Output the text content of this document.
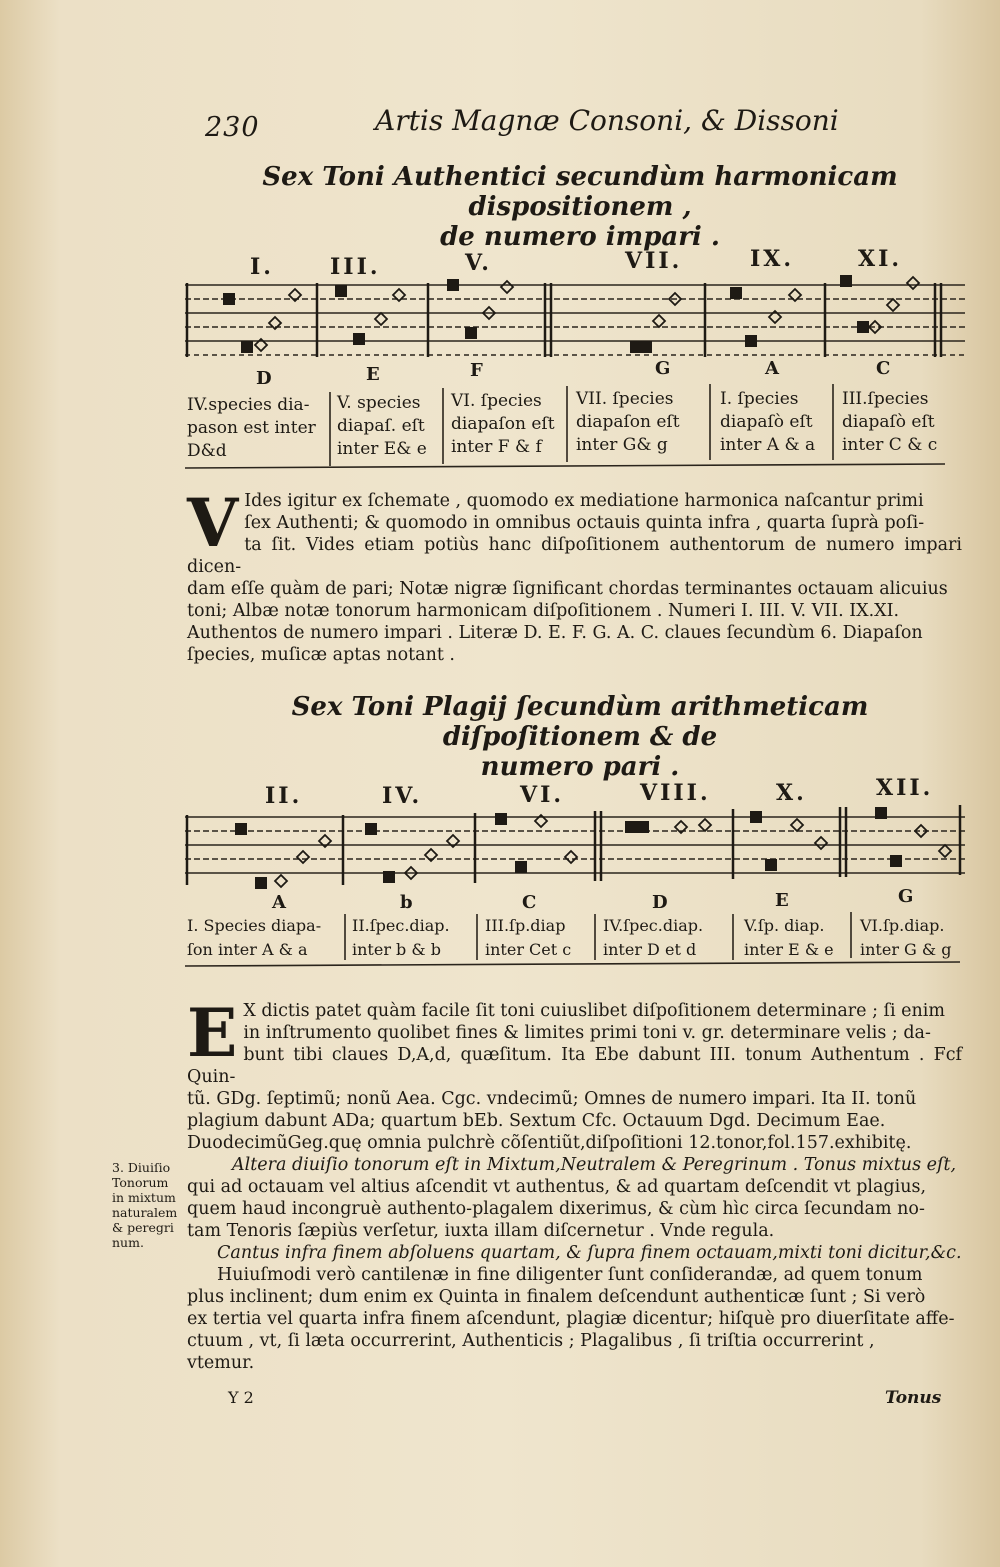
230	Artis Magnæ Consoni, & Dissoni
Sex Toni Authentici secundùm harmonicam dispositionem ,
de numero impari .
I.	III.	V.	VII.	IX.	XI.
D	E	F	G	A	C
IV.species dia-
pason est inter
D&d
V. species
diapaſ. eſt
inter E& e
VI. ſpecies
diapaſon eſt
inter F & f
VII. ſpecies
diapaſon eſt
inter G& g
I. ſpecies
diapaſò eſt
inter A & a
III.ſpecies
diapaſò eſt
inter C & c
V Ides igitur ex ſchemate , quomodo ex mediatione harmonica naſcantur primi

ſex Authenti; & quomodo in omnibus octauis quinta infra , quarta ſuprà poſi-

ta ſit. Vides etiam potiùs hanc diſpoſitionem authentorum de numero impari dicen-

dam eſſe quàm de pari; Notæ nigræ ſignificant chordas terminantes octauam alicuius

toni; Albæ notæ tonorum harmonicam diſpoſitionem . Numeri I. III. V. VII. IX.XI.

Authentos de numero impari . Literæ D. E. F. G. A. C. claues ſecundùm 6. Diapaſon

ſpecies, muſicæ aptas notant .

Sex Toni Plagij ſecundùm arithmeticam diſpoſitionem & de
numero pari .
II.	IV.	VI.	VIII.	X.	XII.
A	b	C	D	E	G
I. Species diapa-
ſon inter A & a
II.ſpec.diap.
inter b & b
III.ſp.diap
inter Cet c
IV.ſpec.diap.
inter D et d
V.ſp. diap.
inter E & e
VI.ſp.diap.
inter G & g
E X dictis patet quàm facile ſit toni cuiuslibet diſpoſitionem determinare ; ſi enim

in inſtrumento quolibet fines & limites primi toni v. gr. determinare velis ; da-

bunt tibi claues D,A,d, quæſitum. Ita Ebe dabunt III. tonum Authentum . Fcf Quin-

tũ. GDg. ſeptimũ; nonũ Aea. Cgc. vndecimũ; Omnes de numero impari. Ita II. tonũ

plagium dabunt ADa; quartum bEb. Sextum Cfc. Octauum Dgd. Decimum Eae.

DuodecimũGeg.quę omnia pulchrè cõſentiũt,diſpoſitioni 12.tonor,fol.157.exhibitę.

Altera diuiſio tonorum eſt in Mixtum,Neutralem & Peregrinum . Tonus mixtus eſt,

qui ad octauam vel altius aſcendit vt authentus, & ad quartam deſcendit vt plagius,

quem haud incongruè authento-plagalem dixerimus, & cùm hìc circa ſecundam no-

tam Tenoris ſæpiùs verſetur, iuxta illam diſcernetur . Vnde regula.

Cantus infra finem abſoluens quartam, & ſupra finem octauam,mixti toni dicitur,&c.

Huiuſmodi verò cantilenæ in fine diligenter ſunt conſiderandæ, ad quem tonum

plus inclinent; dum enim ex Quinta in finalem deſcendunt authenticæ ſunt ; Si verò

ex tertia vel quarta infra finem aſcendunt, plagiæ dicentur; hiſquè pro diuerſitate affe-

ctuum , vt, ſi læta occurrerint, Authenticis ; Plagalibus , ſi triſtia occurrerint ,

vtemur.

3. Diuiſio
Tonorum
in mixtum
naturalem
& peregri
num.
Y 2	Tonus
